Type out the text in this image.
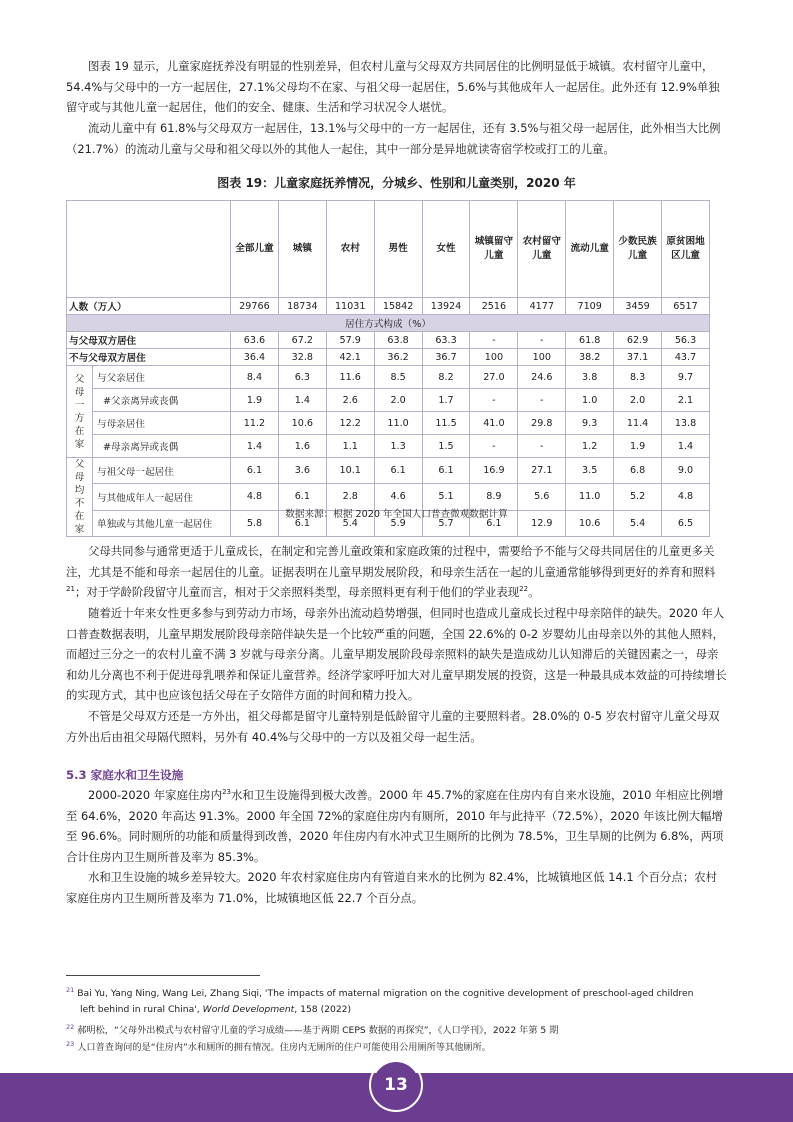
图表 19 显示，儿童家庭抚养没有明显的性别差异，但农村儿童与父母双方共同居住的比例明显低于城镇。农村留守儿童中，54.4%与父母中的一方一起居住，27.1%父母均不在家、与祖父母一起居住，5.6%与其他成年人一起居住。此外还有 12.9%单独留守或与其他儿童一起居住，他们的安全、健康、生活和学习状况令人堪忧。

流动儿童中有 61.8%与父母双方一起居住，13.1%与父母中的一方一起居住，还有 3.5%与祖父母一起居住，此外相当大比例（21.7%）的流动儿童与父母和祖父母以外的其他人一起住，其中一部分是异地就读寄宿学校或打工的儿童。

图表 19：儿童家庭抚养情况，分城乡、性别和儿童类别，2020 年
		全部儿童	城镇	农村	男性	女性	城镇留守儿童	农村留守儿童	流动儿童	少数民族儿童	原贫困地区儿童
人数（万人）		29766	18734	11031	15842	13924	2516	4177	7109	3459	6517
居住方式构成（%）											
与父母双方居住		63.6	67.2	57.9	63.8	63.3	-	-	61.8	62.9	56.3
不与父母双方居住		36.4	32.8	42.1	36.2	36.7	100	100	38.2	37.1	43.7

父母一方在家	与父亲居住	8.4	6.3	11.6	8.5	8.2	27.0	24.6	3.8	8.3	9.7
	#父亲离异或丧偶	1.9	1.4	2.6	2.0	1.7	-	-	1.0	2.0	2.1
	与母亲居住	11.2	10.6	12.2	11.0	11.5	41.0	29.8	9.3	11.4	13.8
	#母亲离异或丧偶	1.4	1.6	1.1	1.3	1.5	-	-	1.2	1.9	1.4

父母均不在家	与祖父母一起居住	6.1	3.6	10.1	6.1	6.1	16.9	27.1	3.5	6.8	9.0
	与其他成年人一起居住	4.8	6.1	2.8	4.6	5.1	8.9	5.6	11.0	5.2	4.8
	单独或与其他儿童一起居住	5.8	6.1	5.4	5.9	5.7	6.1	12.9	10.6	5.4	6.5
数据来源：根据 2020 年全国人口普查微观数据计算

父母共同参与通常更适于儿童成长，在制定和完善儿童政策和家庭政策的过程中，需要给予不能与父母共同居住的儿童更多关注，尤其是不能和母亲一起居住的儿童。证据表明在儿童早期发展阶段，和母亲生活在一起的儿童通常能够得到更好的养育和照料$^{21}$；对于学龄阶段留守儿童而言，相对于父亲照料类型，母亲照料更有利于他们的学业表现$^{22}$。

随着近十年来女性更多参与到劳动力市场，母亲外出流动趋势增强，但同时也造成儿童成长过程中母亲陪伴的缺失。2020 年人口普查数据表明，儿童早期发展阶段母亲陪伴缺失是一个比较严重的问题，全国 22.6%的 0-2 岁婴幼儿由母亲以外的其他人照料，而超过三分之一的农村儿童不满 3 岁就与母亲分离。儿童早期发展阶段母亲照料的缺失是造成幼儿认知滞后的关键因素之一，母亲和幼儿分离也不利于促进母乳喂养和保证儿童营养。经济学家呼吁加大对儿童早期发展的投资，这是一种最具成本效益的可持续增长的实现方式，其中也应该包括父母在子女陪伴方面的时间和精力投入。

不管是父母双方还是一方外出，祖父母都是留守儿童特别是低龄留守儿童的主要照料者。28.0%的 0-5 岁农村留守儿童父母双方外出后由祖父母隔代照料，另外有 40.4%与父母中的一方以及祖父母一起生活。

5.3 家庭水和卫生设施

2000-2020 年家庭住房内$^{23}$水和卫生设施得到极大改善。2000 年 45.7%的家庭在住房内有自来水设施，2010 年相应比例增至 64.6%，2020 年高达 91.3%。2000 年全国 72%的家庭住房内有厕所，2010 年与此持平（72.5%），2020 年该比例大幅增至 96.6%。同时厕所的功能和质量得到改善，2020 年住房内有水冲式卫生厕所的比例为 78.5%，卫生旱厕的比例为 6.8%，两项合计住房内卫生厕所普及率为 85.3%。

水和卫生设施的城乡差异较大。2020 年农村家庭住房内有管道自来水的比例为 82.4%，比城镇地区低 14.1 个百分点；农村家庭住房内卫生厕所普及率为 71.0%，比城镇地区低 22.7 个百分点。

$^{21}$ Bai Yu, Yang Ning, Wang Lei, Zhang Siqi, 'The impacts of maternal migration on the cognitive development of preschool-aged children
left behind in rural China', World Development, 158 (2022)
$^{22}$ 郝明松，“父母外出模式与农村留守儿童的学习成绩——基于两期 CEPS 数据的再探究”，《人口学刊》，2022 年第 5 期
$^{23}$ 人口普查询问的是“住房内”水和厕所的拥有情况。住房内无厕所的住户可能使用公用厕所等其他厕所。
13
